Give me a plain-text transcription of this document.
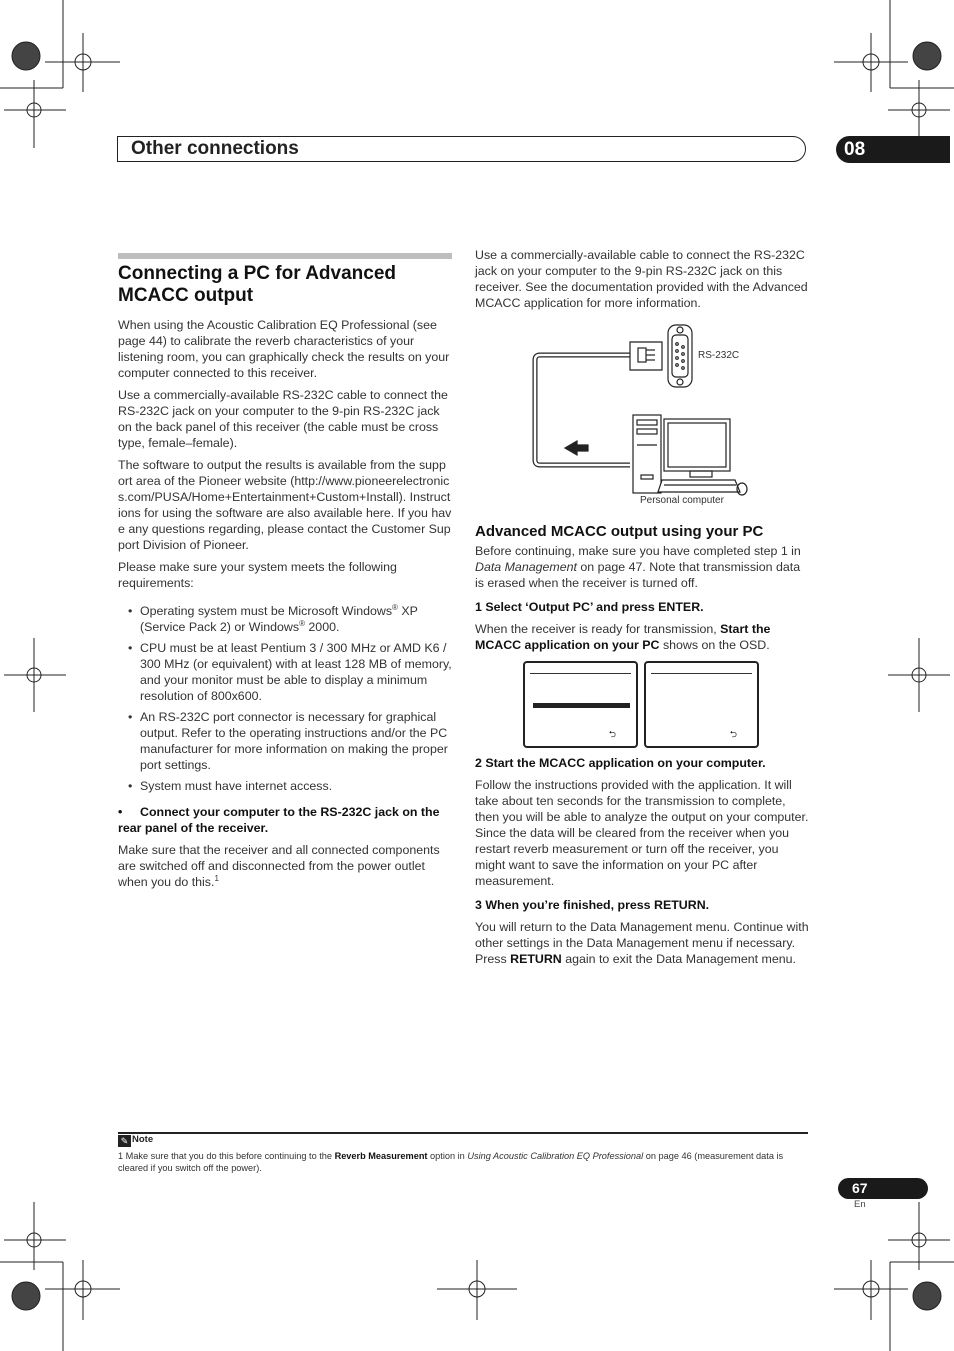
Other connections	08
Connecting a PC for Advanced MCACC output

When using the Acoustic Calibration EQ Professional (see page 44) to calibrate the reverb characteristics of your listening room, you can graphically check the results on your computer connected to this receiver.

Use a commercially-available RS-232C cable to connect the RS-232C jack on your computer to the 9-pin RS-232C jack on the back panel of this receiver (the cable must be cross type, female–female).

The software to output the results is available from the support area of the Pioneer website (http://www.pioneerelectronics.com/PUSA/Home+Entertainment+Custom+Install). Instructions for using the software are also available here. If you have any questions regarding, please contact the Customer Support Division of Pioneer.

Please make sure your system meets the following requirements:

• Operating system must be Microsoft Windows® XP (Service Pack 2) or Windows® 2000.
• CPU must be at least Pentium 3 / 300 MHz or AMD K6 / 300 MHz (or equivalent) with at least 128 MB of memory, and your monitor must be able to display a minimum resolution of 800x600.
• An RS-232C port connector is necessary for graphical output. Refer to the operating instructions and/or the PC manufacturer for more information on making the proper port settings.
• System must have internet access.

• Connect your computer to the RS-232C jack on the rear panel of the receiver.

Make sure that the receiver and all connected components are switched off and disconnected from the power outlet when you do this.$^1$

Use a commercially-available cable to connect the RS-232C jack on your computer to the 9-pin RS-232C jack on this receiver. See the documentation provided with the Advanced MCACC application for more information.

RS-232C
Personal computer
Advanced MCACC output using your PC

Before continuing, make sure you have completed step 1 in Data Management on page 47. Note that transmission data is erased when the receiver is turned off.

1 Select ‘Output PC’ and press ENTER.

When the receiver is ready for transmission, Start the MCACC application on your PC shows on the OSD.

⮌	⮌

2 Start the MCACC application on your computer.

Follow the instructions provided with the application. It will take about ten seconds for the transmission to complete, then you will be able to analyze the output on your computer. Since the data will be cleared from the receiver when you restart reverb measurement or turn off the receiver, you might want to save the information on your PC after measurement.

3 When you’re finished, press RETURN.

You will return to the Data Management menu. Continue with other settings in the Data Management menu if necessary. Press RETURN again to exit the Data Management menu.

✎ Note
1 Make sure that you do this before continuing to the Reverb Measurement option in Using Acoustic Calibration EQ Professional on page 46 (measurement data is cleared if you switch off the power).
67
En
